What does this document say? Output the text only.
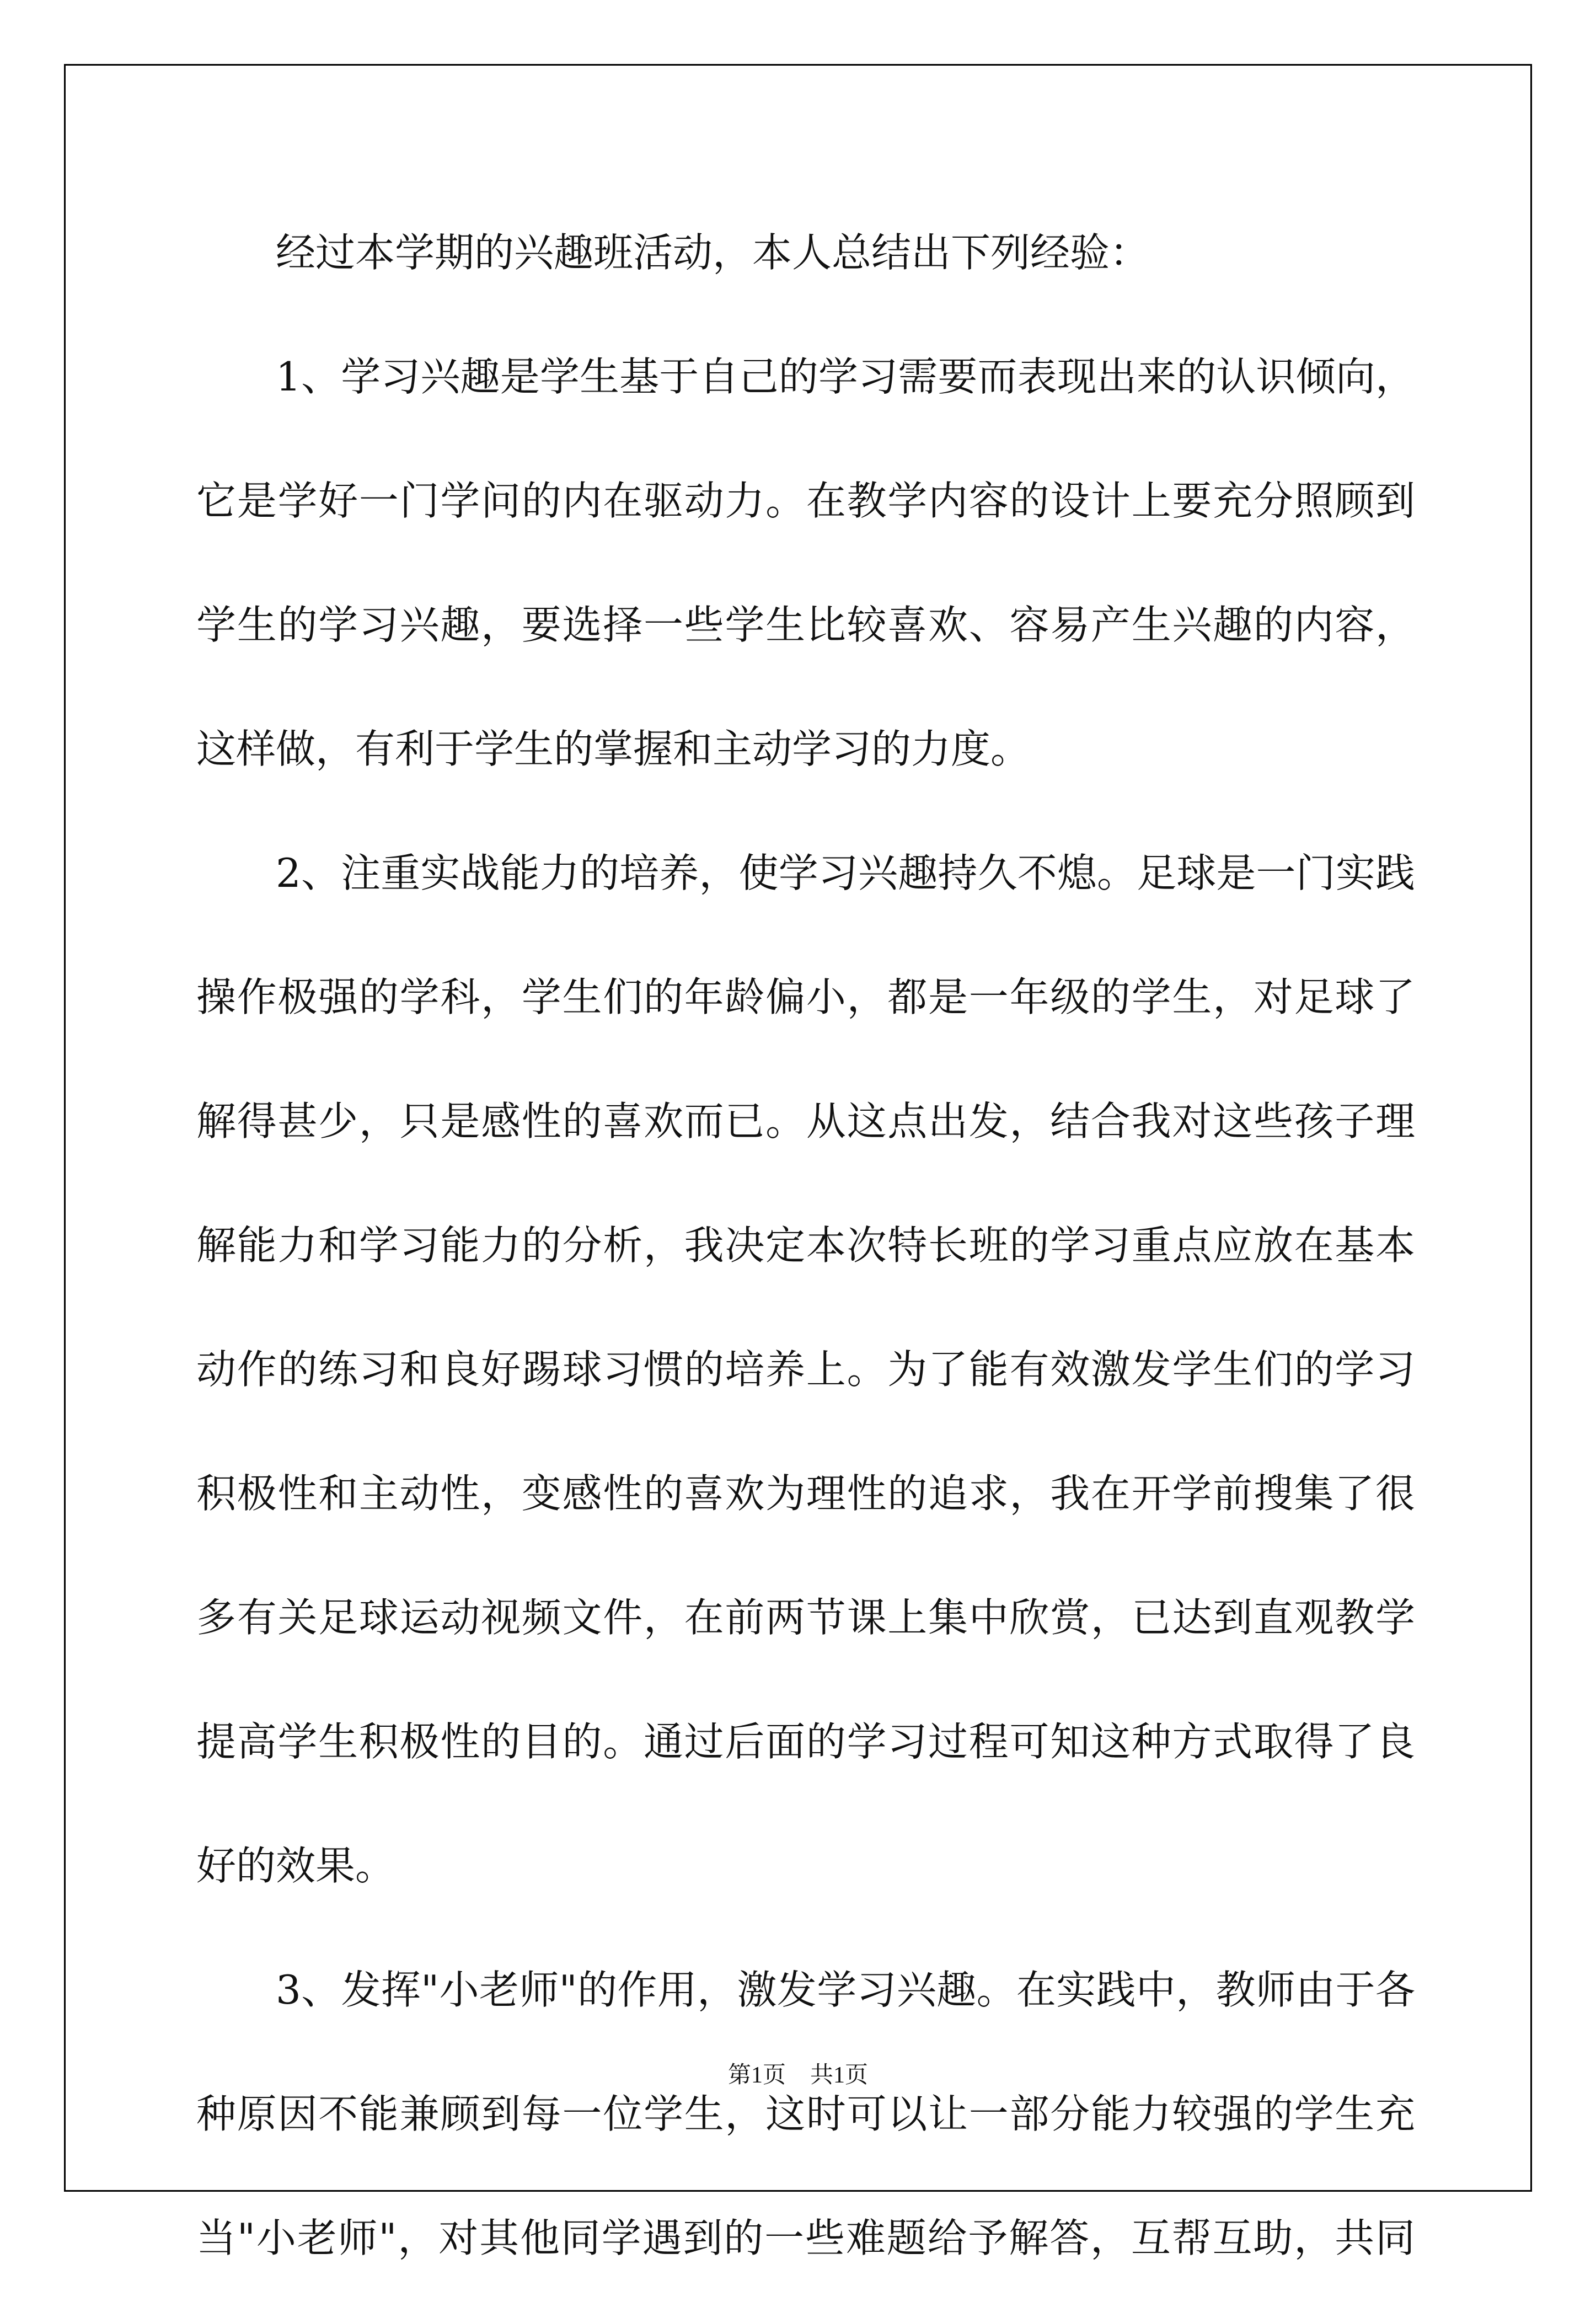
经过本学期的兴趣班活动，本人总结出下列经验：
1、学习兴趣是学生基于自己的学习需要而表现出来的认识倾向，
它是学好一门学问的内在驱动力。在教学内容的设计上要充分照顾到
学生的学习兴趣，要选择一些学生比较喜欢、容易产生兴趣的内容，
这样做，有利于学生的掌握和主动学习的力度。
2、注重实战能力的培养，使学习兴趣持久不熄。足球是一门实践
操作极强的学科，学生们的年龄偏小，都是一年级的学生，对足球了
解得甚少，只是感性的喜欢而已。从这点出发，结合我对这些孩子理
解能力和学习能力的分析，我决定本次特长班的学习重点应放在基本
动作的练习和良好踢球习惯的培养上。为了能有效激发学生们的学习
积极性和主动性，变感性的喜欢为理性的追求，我在开学前搜集了很
多有关足球运动视频文件，在前两节课上集中欣赏，已达到直观教学
提高学生积极性的目的。通过后面的学习过程可知这种方式取得了良
好的效果。
3、发挥"小老师"的作用，激发学习兴趣。在实践中，教师由于各
种原因不能兼顾到每一位学生，这时可以让一部分能力较强的学生充
当"小老师"，对其他同学遇到的一些难题给予解答，互帮互助，共同
第1页 共1页
